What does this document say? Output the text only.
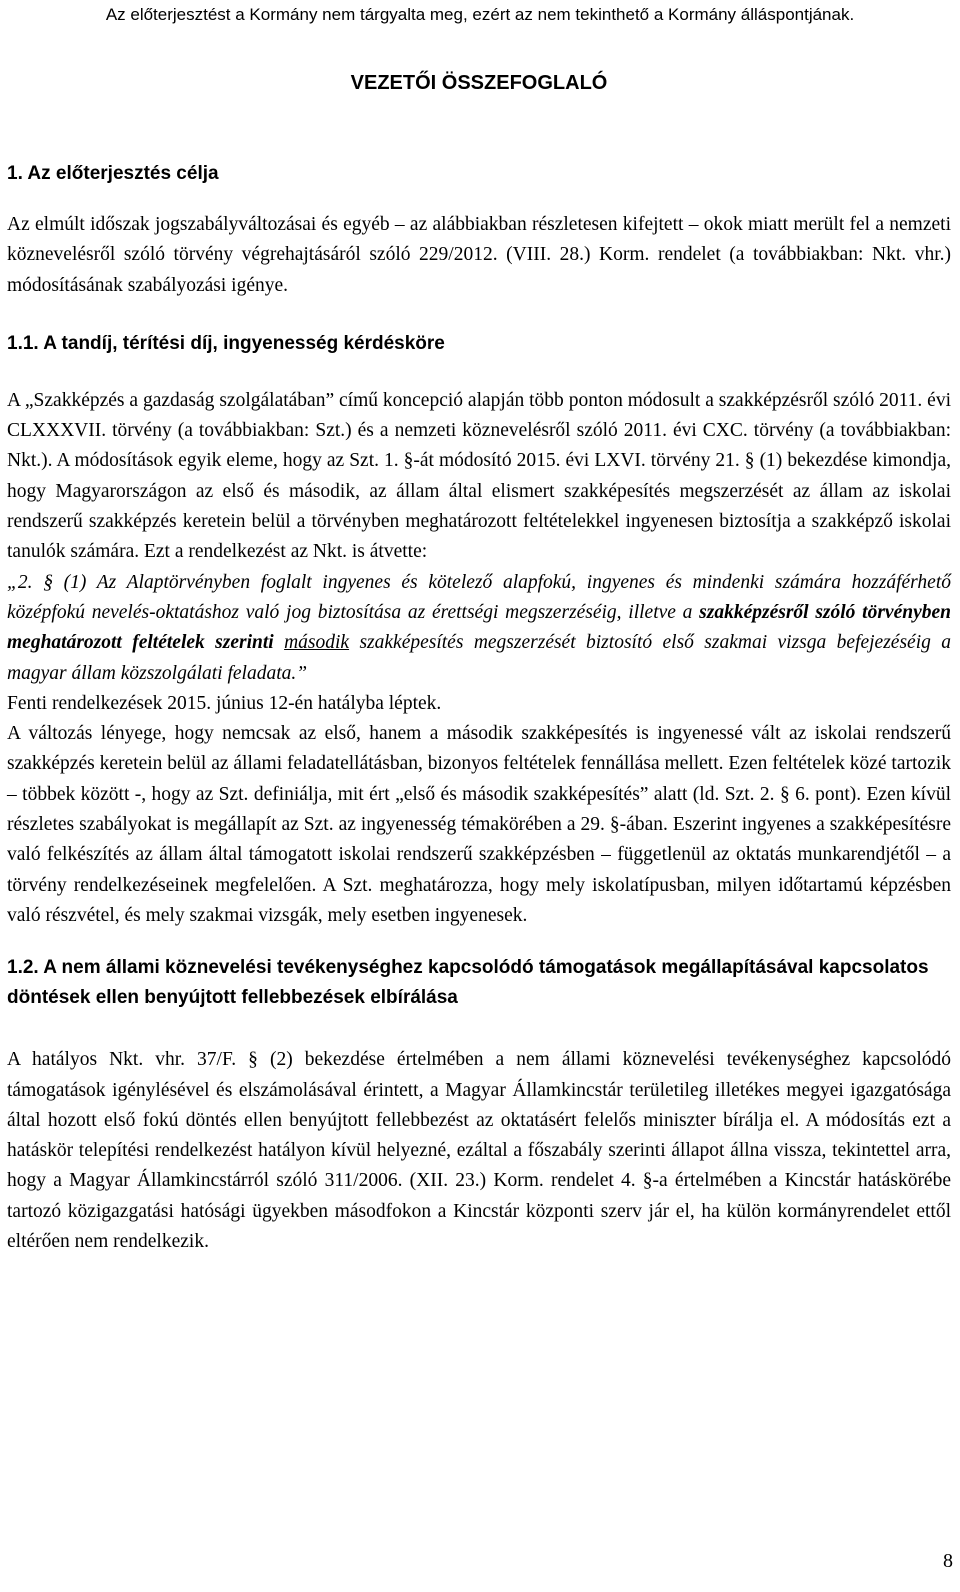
Az előterjesztést a Kormány nem tárgyalta meg, ezért az nem tekinthető a Kormány álláspontjának.
VEZETŐI ÖSSZEFOGLALÓ
1. Az előterjesztés célja

Az elmúlt időszak jogszabályváltozásai és egyéb – az alábbiakban részletesen kifejtett – okok miatt merült fel a nemzeti köznevelésről szóló törvény végrehajtásáról szóló 229/2012. (VIII. 28.) Korm. rendelet (a továbbiakban: Nkt. vhr.) módosításának szabályozási igénye.

1.1. A tandíj, térítési díj, ingyenesség kérdésköre

A „Szakképzés a gazdaság szolgálatában” című koncepció alapján több ponton módosult a szakképzésről szóló 2011. évi CLXXXVII. törvény (a továbbiakban: Szt.) és a nemzeti köznevelésről szóló 2011. évi CXC. törvény (a továbbiakban: Nkt.). A módosítások egyik eleme, hogy az Szt. 1. §-át módosító 2015. évi LXVI. törvény 21. § (1) bekezdése kimondja, hogy Magyarországon az első és második, az állam által elismert szakképesítés megszerzését az állam az iskolai rendszerű szakképzés keretein belül a törvényben meghatározott feltételekkel ingyenesen biztosítja a szakképző iskolai tanulók számára. Ezt a rendelkezést az Nkt. is átvette:

„2. § (1) Az Alaptörvényben foglalt ingyenes és kötelező alapfokú, ingyenes és mindenki számára hozzáférhető középfokú nevelés-oktatáshoz való jog biztosítása az érettségi megszerzéséig, illetve a szakképzésről szóló törvényben meghatározott feltételek szerinti második szakképesítés megszerzését biztosító első szakmai vizsga befejezéséig a magyar állam közszolgálati feladata.”

Fenti rendelkezések 2015. június 12-én hatályba léptek.

A változás lényege, hogy nemcsak az első, hanem a második szakképesítés is ingyenessé vált az iskolai rendszerű szakképzés keretein belül az állami feladatellátásban, bizonyos feltételek fennállása mellett. Ezen feltételek közé tartozik – többek között -, hogy az Szt. definiálja, mit ért „első és második szakképesítés” alatt (ld. Szt. 2. § 6. pont). Ezen kívül részletes szabályokat is megállapít az Szt. az ingyenesség témakörében a 29. §-ában. Eszerint ingyenes a szakképesítésre való felkészítés az állam által támogatott iskolai rendszerű szakképzésben – függetlenül az oktatás munkarendjétől – a törvény rendelkezéseinek megfelelően. A Szt. meghatározza, hogy mely iskolatípusban, milyen időtartamú képzésben való részvétel, és mely szakmai vizsgák, mely esetben ingyenesek.

1.2. A nem állami köznevelési tevékenységhez kapcsolódó támogatások megállapításával kapcsolatos döntések ellen benyújtott fellebbezések elbírálása

A hatályos Nkt. vhr. 37/F. § (2) bekezdése értelmében a nem állami köznevelési tevékenységhez kapcsolódó támogatások igénylésével és elszámolásával érintett, a Magyar Államkincstár területileg illetékes megyei igazgatósága által hozott első fokú döntés ellen benyújtott fellebbezést az oktatásért felelős miniszter bírálja el. A módosítás ezt a hatáskör telepítési rendelkezést hatályon kívül helyezné, ezáltal a főszabály szerinti állapot állna vissza, tekintettel arra, hogy a Magyar Államkincstárról szóló 311/2006. (XII. 23.) Korm. rendelet 4. §-a értelmében a Kincstár hatáskörébe tartozó közigazgatási hatósági ügyekben másodfokon a Kincstár központi szerv jár el, ha külön kormányrendelet ettől eltérően nem rendelkezik.

8
